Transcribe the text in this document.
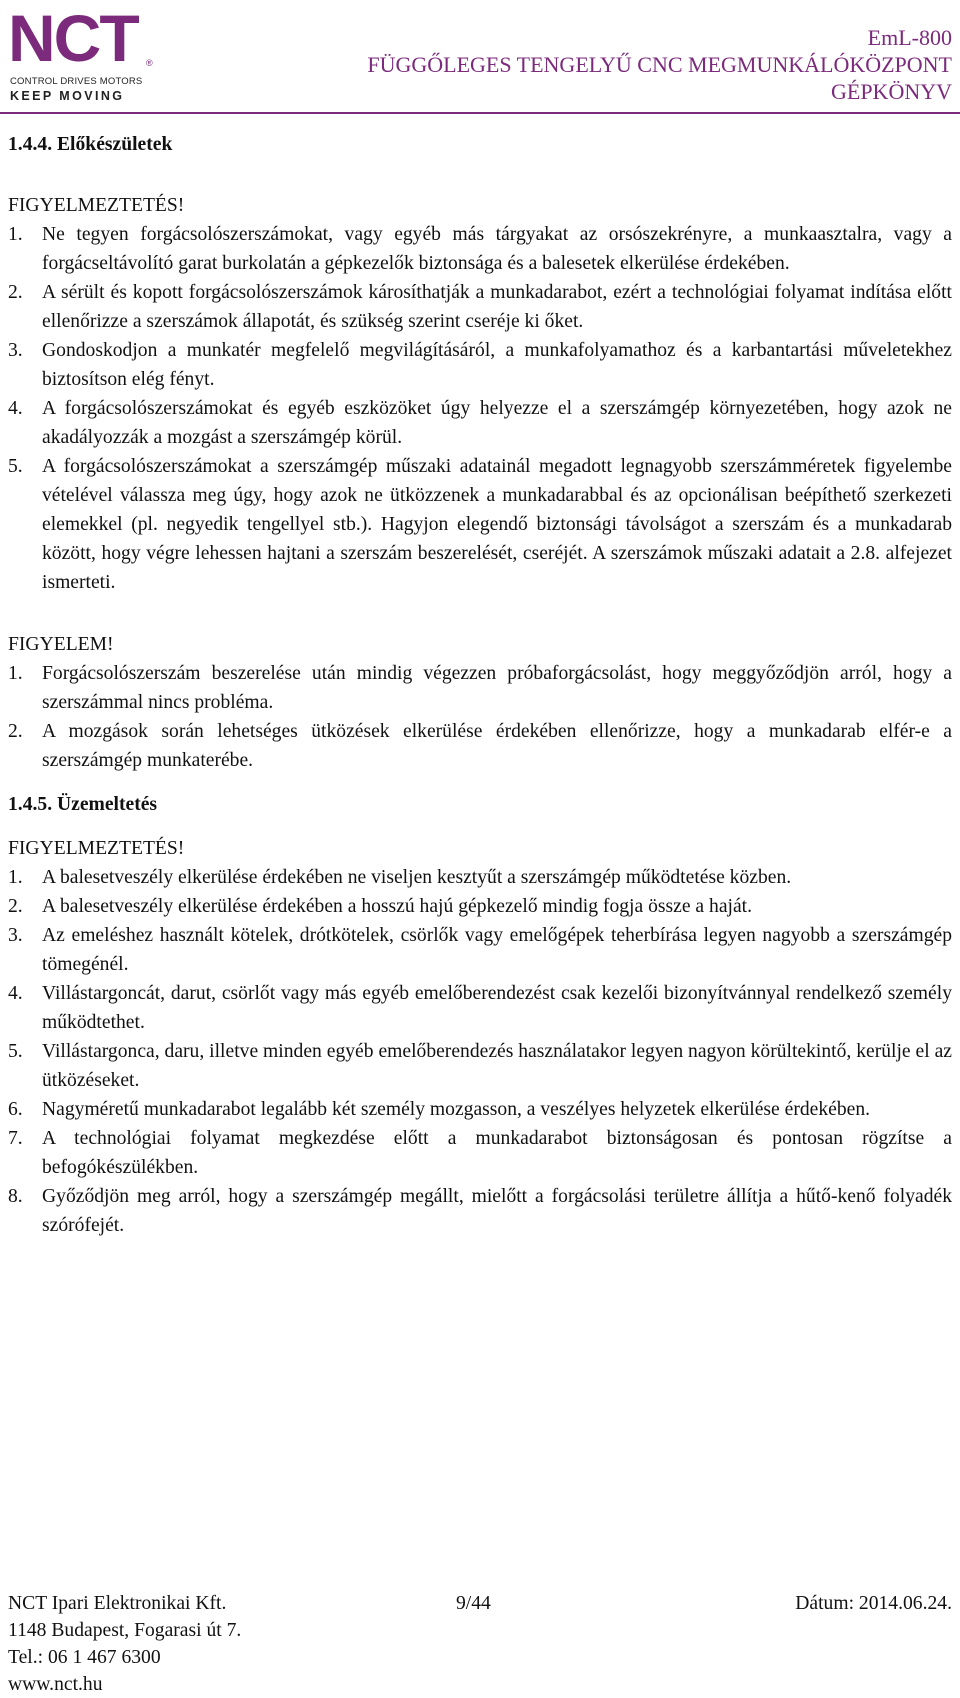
NCT ®
CONTROL DRIVES MOTORS
KEEP MOVING
EmL-800
FÜGGŐLEGES TENGELYŰ CNC MEGMUNKÁLÓKÖZPONT
GÉPKÖNYV
1.4.4. Előkészületek
FIGYELMEZTETÉS!
1. Ne tegyen forgácsolószerszámokat, vagy egyéb más tárgyakat az orsószekrényre, a munkaasztalra, vagy a forgácseltávolító garat burkolatán a gépkezelők biztonsága és a balesetek elkerülése érdekében.
2. A sérült és kopott forgácsolószerszámok károsíthatják a munkadarabot, ezért a technológiai folyamat indítása előtt ellenőrizze a szerszámok állapotát, és szükség szerint cseréje ki őket.
3. Gondoskodjon a munkatér megfelelő megvilágításáról, a munkafolyamathoz és a karbantartási műveletekhez biztosítson elég fényt.
4. A forgácsolószerszámokat és egyéb eszközöket úgy helyezze el a szerszámgép környezetében, hogy azok ne akadályozzák a mozgást a szerszámgép körül.
5. A forgácsolószerszámokat a szerszámgép műszaki adatainál megadott legnagyobb szerszámméretek figyelembe vételével válassza meg úgy, hogy azok ne ütközzenek a munkadarabbal és az opcionálisan beépíthető szerkezeti elemekkel (pl. negyedik tengellyel stb.). Hagyjon elegendő biztonsági távolságot a szerszám és a munkadarab között, hogy végre lehessen hajtani a szerszám beszerelését, cseréjét. A szerszámok műszaki adatait a 2.8. alfejezet ismerteti.
FIGYELEM!
1. Forgácsolószerszám beszerelése után mindig végezzen próbaforgácsolást, hogy meggyőződjön arról, hogy a szerszámmal nincs probléma.
2. A mozgások során lehetséges ütközések elkerülése érdekében ellenőrizze, hogy a munkadarab elfér-e a szerszámgép munkaterébe.
1.4.5. Üzemeltetés
FIGYELMEZTETÉS!
1. A balesetveszély elkerülése érdekében ne viseljen kesztyűt a szerszámgép működtetése közben.
2. A balesetveszély elkerülése érdekében a hosszú hajú gépkezelő mindig fogja össze a haját.
3. Az emeléshez használt kötelek, drótkötelek, csörlők vagy emelőgépek teherbírása legyen nagyobb a szerszámgép tömegénél.
4. Villástargoncát, darut, csörlőt vagy más egyéb emelőberendezést csak kezelői bizonyítvánnyal rendelkező személy működtethet.
5. Villástargonca, daru, illetve minden egyéb emelőberendezés használatakor legyen nagyon körültekintő, kerülje el az ütközéseket.
6. Nagyméretű munkadarabot legalább két személy mozgasson, a veszélyes helyzetek elkerülése érdekében.
7. A technológiai folyamat megkezdése előtt a munkadarabot biztonságosan és pontosan rögzítse a befogókészülékben.
8. Győződjön meg arról, hogy a szerszámgép megállt, mielőtt a forgácsolási területre állítja a hűtő-kenő folyadék szórófejét.
NCT Ipari Elektronikai Kft.	9/44	Dátum: 2014.06.24.
1148 Budapest, Fogarasi út 7.
Tel.: 06 1 467 6300
www.nct.hu
